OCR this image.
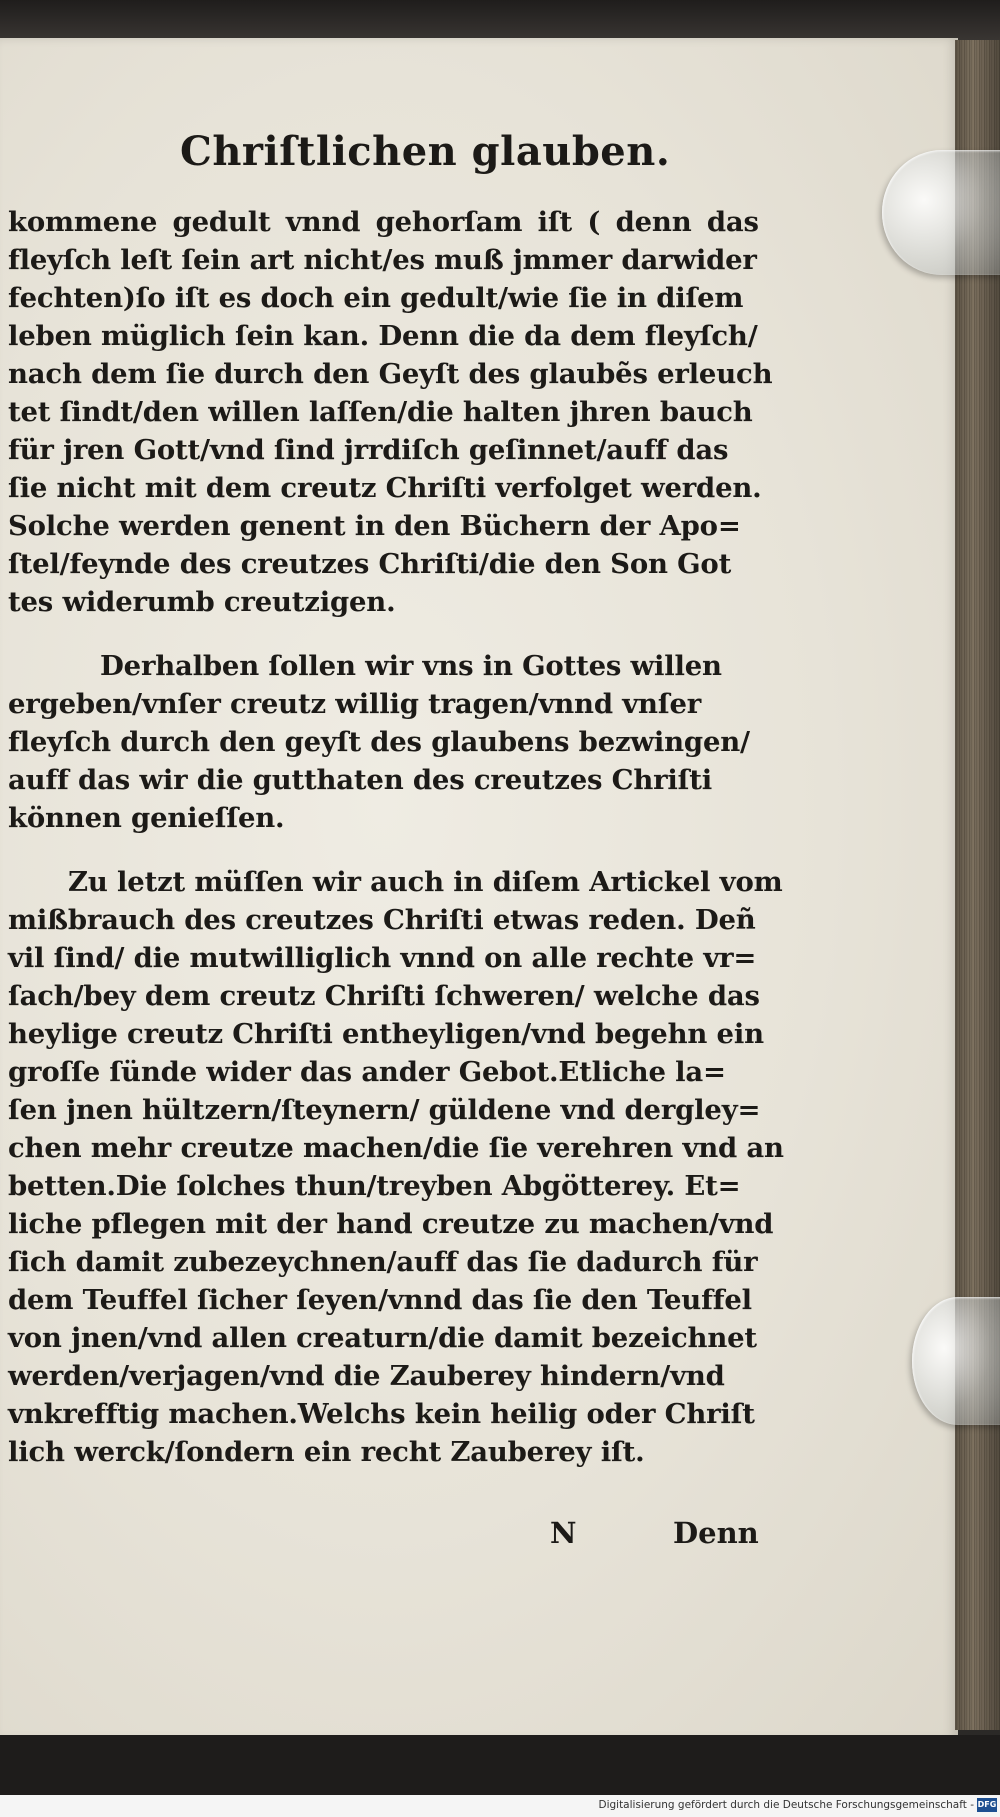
Chriſtlichen glauben.
kommene gedult vnnd gehorſam iſt ( denn das
fleyſch leſt ſein art nicht/es muß jmmer darwider
fechten)ſo iſt es doch ein gedult/wie ſie in diſem
leben müglich ſein kan. Denn die da dem fleyſch/
nach dem ſie durch den Geyſt des glaubẽs erleuch
tet ſindt/den willen laſſen/die halten jhren bauch
für jren Gott/vnd ſind jrrdiſch geſinnet/auff das
ſie nicht mit dem creutz Chriſti verfolget werden.
Solche werden genent in den Büchern der Apo=
ſtel/feynde des creutzes Chriſti/die den Son Got
tes widerumb creutzigen.
Derhalben ſollen wir vns in Gottes willen
ergeben/vnſer creutz willig tragen/vnnd vnſer
fleyſch durch den geyſt des glaubens bezwingen/
auff das wir die gutthaten des creutzes Chriſti
können genieſſen.
Zu letzt müſſen wir auch in diſem Artickel vom
mißbrauch des creutzes Chriſti etwas reden. Deñ
vil ſind/ die mutwilliglich vnnd on alle rechte vr=
ſach/bey dem creutz Chriſti ſchweren/ welche das
heylige creutz Chriſti entheyligen/vnd begehn ein
groſſe ſünde wider das ander Gebot.Etliche la=
ſen jnen hültzern/ſteynern/ güldene vnd dergley=
chen mehr creutze machen/die ſie verehren vnd an
betten.Die ſolches thun/treyben Abgötterey. Et=
liche pflegen mit der hand creutze zu machen/vnd
ſich damit zubezeychnen/auff das ſie dadurch für
dem Teuffel ſicher ſeyen/vnnd das ſie den Teuffel
von jnen/vnd allen creaturn/die damit bezeichnet
werden/verjagen/vnd die Zauberey hindern/vnd
vnkrefftig machen.Welchs kein heilig oder Chriſt
lich werck/ſondern ein recht Zauberey iſt.
N	Denn
Digitalisierung gefördert durch die Deutsche Forschungsgemeinschaft - DFG
